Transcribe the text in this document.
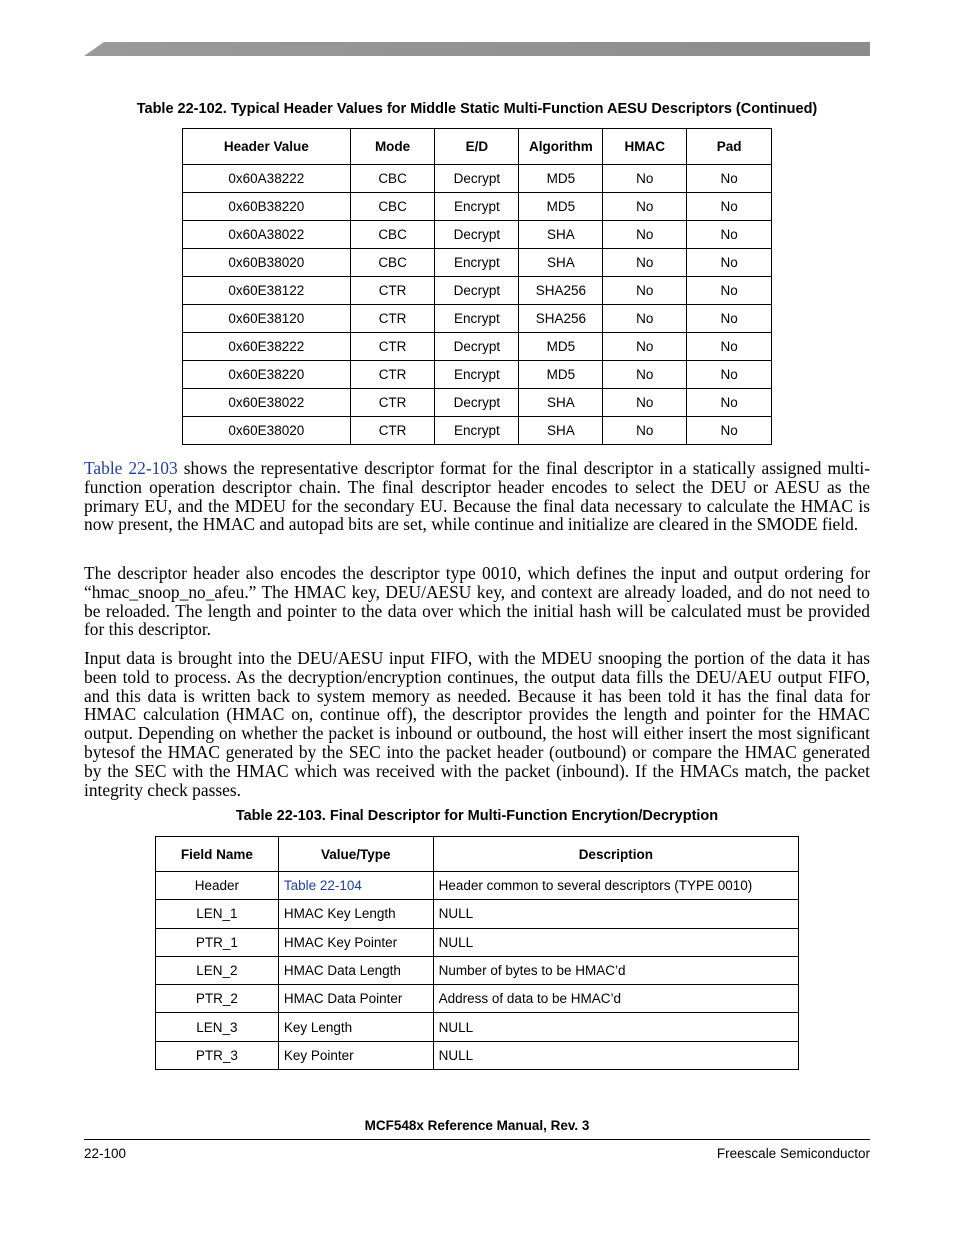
Table 22-102. Typical Header Values for Middle Static Multi-Function AESU Descriptors (Continued)
Header Value	Mode	E/D	Algorithm	HMAC	Pad
0x60A38222	CBC	Decrypt	MD5	No	No
0x60B38220	CBC	Encrypt	MD5	No	No
0x60A38022	CBC	Decrypt	SHA	No	No
0x60B38020	CBC	Encrypt	SHA	No	No
0x60E38122	CTR	Decrypt	SHA256	No	No
0x60E38120	CTR	Encrypt	SHA256	No	No
0x60E38222	CTR	Decrypt	MD5	No	No
0x60E38220	CTR	Encrypt	MD5	No	No
0x60E38022	CTR	Decrypt	SHA	No	No
0x60E38020	CTR	Encrypt	SHA	No	No

Table 22-103 shows the representative descriptor format for the final descriptor in a statically assigned multi-function operation descriptor chain. The final descriptor header encodes to select the DEU or AESU as the primary EU, and the MDEU for the secondary EU. Because the final data necessary to calculate the HMAC is now present, the HMAC and autopad bits are set, while continue and initialize are cleared in the SMODE field.

The descriptor header also encodes the descriptor type 0010, which defines the input and output ordering for “hmac_snoop_no_afeu.” The HMAC key, DEU/AESU key, and context are already loaded, and do not need to be reloaded. The length and pointer to the data over which the initial hash will be calculated must be provided for this descriptor.

Input data is brought into the DEU/AESU input FIFO, with the MDEU snooping the portion of the data it has been told to process. As the decryption/encryption continues, the output data fills the DEU/AEU output FIFO, and this data is written back to system memory as needed. Because it has been told it has the final data for HMAC calculation (HMAC on, continue off), the descriptor provides the length and pointer for the HMAC output. Depending on whether the packet is inbound or outbound, the host will either insert the most significant bytesof the HMAC generated by the SEC into the packet header (outbound) or compare the HMAC generated by the SEC with the HMAC which was received with the packet (inbound). If the HMACs match, the packet integrity check passes.

Table 22-103. Final Descriptor for Multi-Function Encrytion/Decryption
Field Name	Value/Type	Description
Header	Table 22-104	Header common to several descriptors (TYPE 0010)
LEN_1	HMAC Key Length	NULL
PTR_1	HMAC Key Pointer	NULL
LEN_2	HMAC Data Length	Number of bytes to be HMAC’d
PTR_2	HMAC Data Pointer	Address of data to be HMAC’d
LEN_3	Key Length	NULL
PTR_3	Key Pointer	NULL
MCF548x Reference Manual, Rev. 3
22-100	Freescale Semiconductor
